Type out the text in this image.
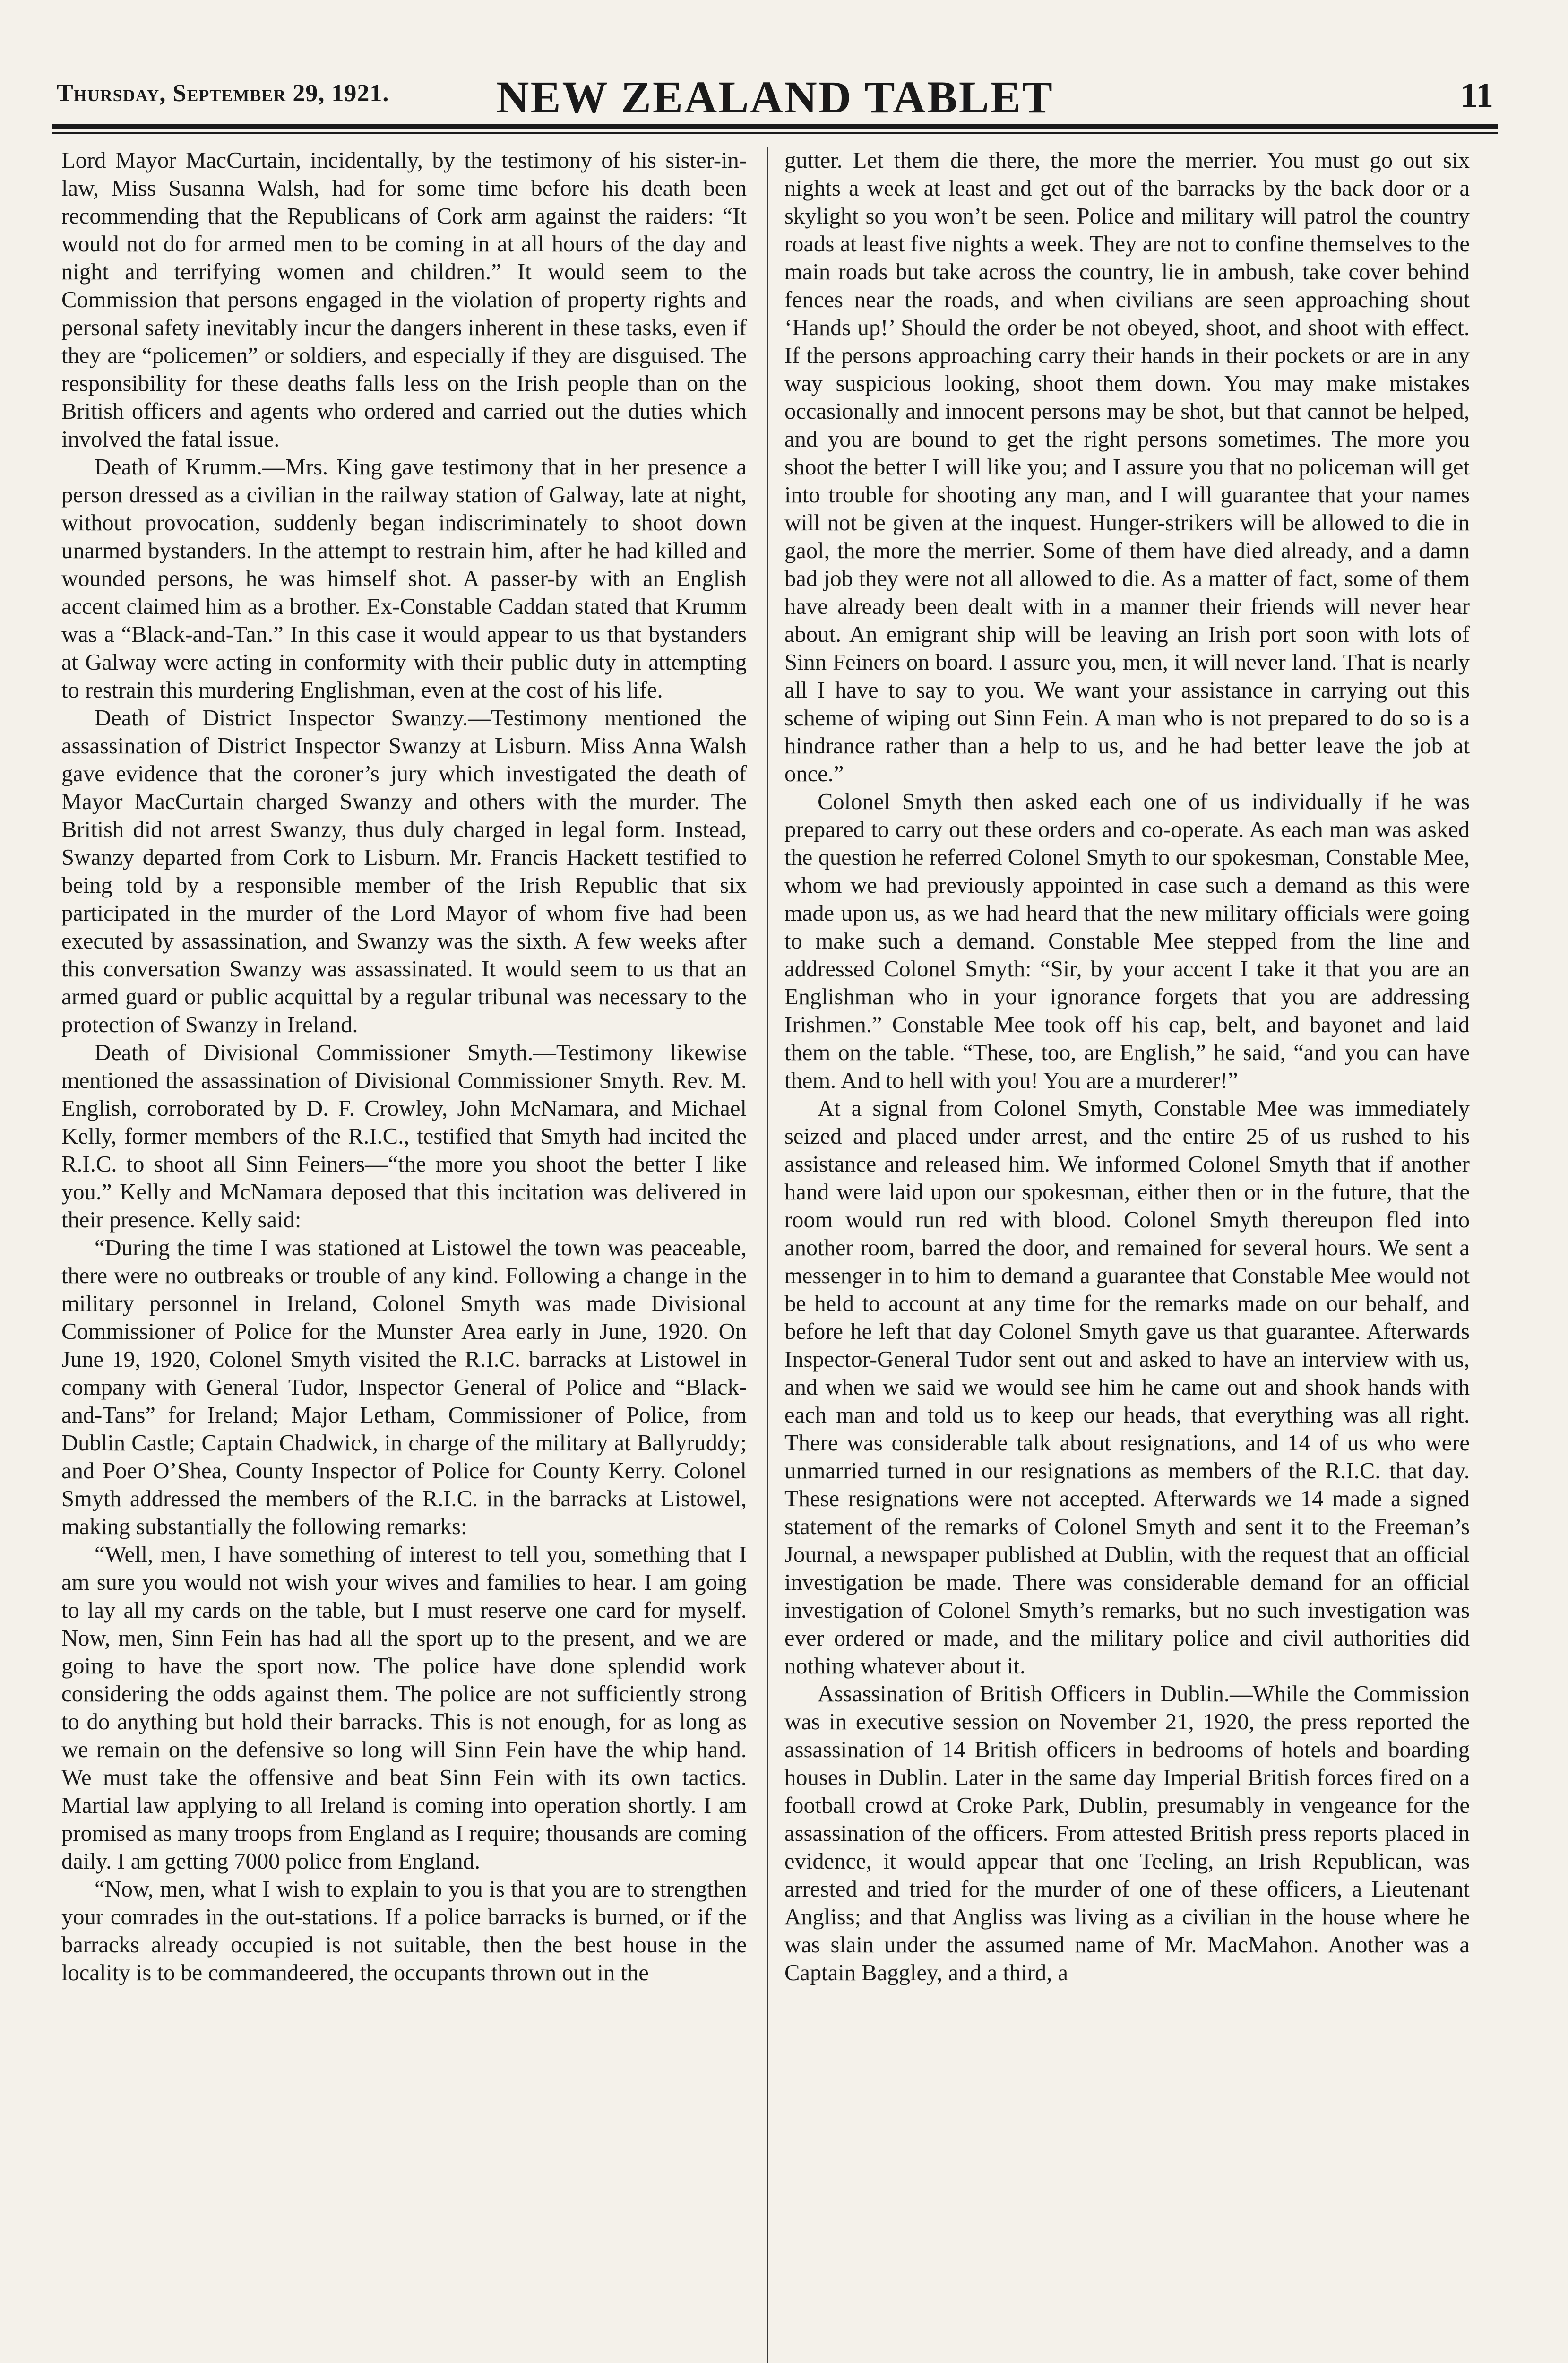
Thursday, September 29, 1921.	NEW ZEALAND TABLET	11

Lord Mayor MacCurtain, incidentally, by the testimony of his sister-in-law, Miss Susanna Walsh, had for some time before his death been recommending that the Republicans of Cork arm against the raiders: “It would not do for armed men to be coming in at all hours of the day and night and terrifying women and children.” It would seem to the Commission that persons engaged in the violation of property rights and personal safety inevitably incur the dangers inherent in these tasks, even if they are “policemen” or soldiers, and especially if they are disguised. The responsibility for these deaths falls less on the Irish people than on the British officers and agents who ordered and carried out the duties which involved the fatal issue.

Death of Krumm.—Mrs. King gave testimony that in her presence a person dressed as a civilian in the railway station of Galway, late at night, without provocation, suddenly began indiscriminately to shoot down unarmed bystanders. In the attempt to restrain him, after he had killed and wounded persons, he was himself shot. A passer-by with an English accent claimed him as a brother. Ex-Constable Caddan stated that Krumm was a “Black-and-Tan.” In this case it would appear to us that bystanders at Galway were acting in conformity with their public duty in attempting to restrain this murdering Englishman, even at the cost of his life.

Death of District Inspector Swanzy.—Testimony mentioned the assassination of District Inspector Swanzy at Lisburn. Miss Anna Walsh gave evidence that the coroner’s jury which investigated the death of Mayor MacCurtain charged Swanzy and others with the murder. The British did not arrest Swanzy, thus duly charged in legal form. Instead, Swanzy departed from Cork to Lisburn. Mr. Francis Hackett testified to being told by a responsible member of the Irish Republic that six participated in the murder of the Lord Mayor of whom five had been executed by assassination, and Swanzy was the sixth. A few weeks after this conversation Swanzy was assassinated. It would seem to us that an armed guard or public acquittal by a regular tribunal was necessary to the protection of Swanzy in Ireland.

Death of Divisional Commissioner Smyth.—Testimony likewise mentioned the assassination of Divisional Commissioner Smyth. Rev. M. English, corroborated by D. F. Crowley, John McNamara, and Michael Kelly, former members of the R.I.C., testified that Smyth had incited the R.I.C. to shoot all Sinn Feiners—“the more you shoot the better I like you.” Kelly and McNamara deposed that this incitation was delivered in their presence. Kelly said:

“During the time I was stationed at Listowel the town was peaceable, there were no outbreaks or trouble of any kind. Following a change in the military personnel in Ireland, Colonel Smyth was made Divisional Commissioner of Police for the Munster Area early in June, 1920. On June 19, 1920, Colonel Smyth visited the R.I.C. barracks at Listowel in company with General Tudor, Inspector General of Police and “Black-and-Tans” for Ireland; Major Letham, Commissioner of Police, from Dublin Castle; Captain Chadwick, in charge of the military at Ballyruddy; and Poer O’Shea, County Inspector of Police for County Kerry. Colonel Smyth addressed the members of the R.I.C. in the barracks at Listowel, making substantially the following remarks:

“Well, men, I have something of interest to tell you, something that I am sure you would not wish your wives and families to hear. I am going to lay all my cards on the table, but I must reserve one card for myself. Now, men, Sinn Fein has had all the sport up to the present, and we are going to have the sport now. The police have done splendid work considering the odds against them. The police are not sufficiently strong to do anything but hold their barracks. This is not enough, for as long as we remain on the defensive so long will Sinn Fein have the whip hand. We must take the offensive and beat Sinn Fein with its own tactics. Martial law applying to all Ireland is coming into operation shortly. I am promised as many troops from England as I require; thousands are coming daily. I am getting 7000 police from England.

“Now, men, what I wish to explain to you is that you are to strengthen your comrades in the out-stations. If a police barracks is burned, or if the barracks already occupied is not suitable, then the best house in the locality is to be commandeered, the occupants thrown out in the

gutter. Let them die there, the more the merrier. You must go out six nights a week at least and get out of the barracks by the back door or a skylight so you won’t be seen. Police and military will patrol the country roads at least five nights a week. They are not to confine themselves to the main roads but take across the country, lie in ambush, take cover behind fences near the roads, and when civilians are seen approaching shout ‘Hands up!’ Should the order be not obeyed, shoot, and shoot with effect. If the persons approaching carry their hands in their pockets or are in any way suspicious looking, shoot them down. You may make mistakes occasionally and innocent persons may be shot, but that cannot be helped, and you are bound to get the right persons sometimes. The more you shoot the better I will like you; and I assure you that no policeman will get into trouble for shooting any man, and I will guarantee that your names will not be given at the inquest. Hunger-strikers will be allowed to die in gaol, the more the merrier. Some of them have died already, and a damn bad job they were not all allowed to die. As a matter of fact, some of them have already been dealt with in a manner their friends will never hear about. An emigrant ship will be leaving an Irish port soon with lots of Sinn Feiners on board. I assure you, men, it will never land. That is nearly all I have to say to you. We want your assistance in carrying out this scheme of wiping out Sinn Fein. A man who is not prepared to do so is a hindrance rather than a help to us, and he had better leave the job at once.”

Colonel Smyth then asked each one of us individually if he was prepared to carry out these orders and co-operate. As each man was asked the question he referred Colonel Smyth to our spokesman, Constable Mee, whom we had previously appointed in case such a demand as this were made upon us, as we had heard that the new military officials were going to make such a demand. Constable Mee stepped from the line and addressed Colonel Smyth: “Sir, by your accent I take it that you are an Englishman who in your ignorance forgets that you are addressing Irishmen.” Constable Mee took off his cap, belt, and bayonet and laid them on the table. “These, too, are English,” he said, “and you can have them. And to hell with you! You are a murderer!”

At a signal from Colonel Smyth, Constable Mee was immediately seized and placed under arrest, and the entire 25 of us rushed to his assistance and released him. We informed Colonel Smyth that if another hand were laid upon our spokesman, either then or in the future, that the room would run red with blood. Colonel Smyth thereupon fled into another room, barred the door, and remained for several hours. We sent a messenger in to him to demand a guarantee that Constable Mee would not be held to account at any time for the remarks made on our behalf, and before he left that day Colonel Smyth gave us that guarantee. Afterwards Inspector-General Tudor sent out and asked to have an interview with us, and when we said we would see him he came out and shook hands with each man and told us to keep our heads, that everything was all right. There was considerable talk about resignations, and 14 of us who were unmarried turned in our resignations as members of the R.I.C. that day. These resignations were not accepted. Afterwards we 14 made a signed statement of the remarks of Colonel Smyth and sent it to the Freeman’s Journal, a newspaper published at Dublin, with the request that an official investigation be made. There was considerable demand for an official investigation of Colonel Smyth’s remarks, but no such investigation was ever ordered or made, and the military police and civil authorities did nothing whatever about it.

Assassination of British Officers in Dublin.—While the Commission was in executive session on November 21, 1920, the press reported the assassination of 14 British officers in bedrooms of hotels and boarding houses in Dublin. Later in the same day Imperial British forces fired on a football crowd at Croke Park, Dublin, presumably in vengeance for the assassination of the officers. From attested British press reports placed in evidence, it would appear that one Teeling, an Irish Republican, was arrested and tried for the murder of one of these officers, a Lieutenant Angliss; and that Angliss was living as a civilian in the house where he was slain under the assumed name of Mr. MacMahon. Another was a Captain Baggley, and a third, a
